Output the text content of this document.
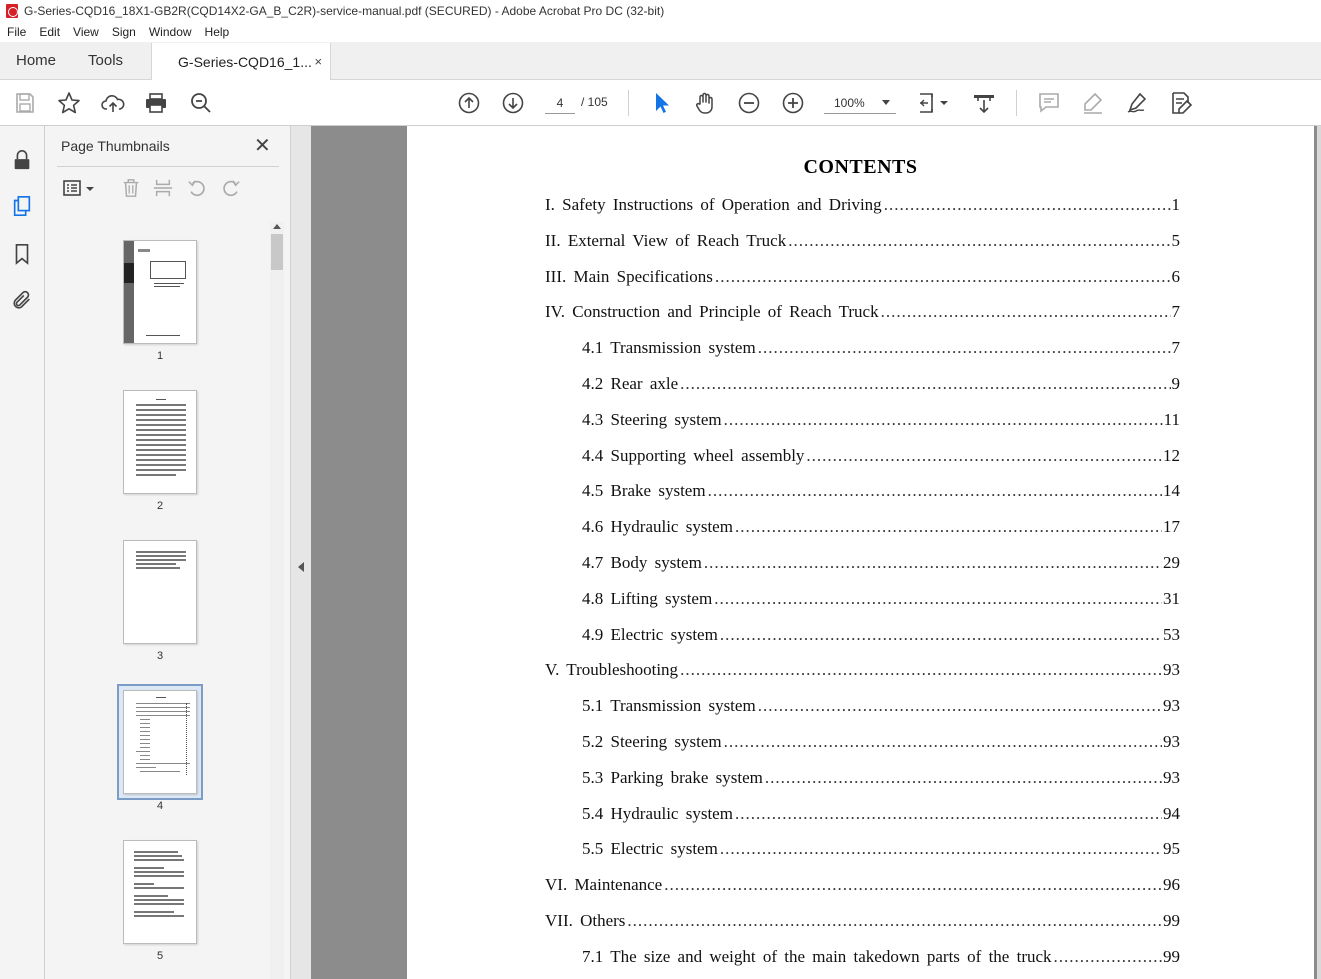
G-Series-CQD16_18X1-GB2R(CQD14X2-GA_B_C2R)-service-manual.pdf (SECURED) - Adobe Acrobat Pro DC (32-bit)
File	Edit	View	Sign	Window	Help
Home	Tools	G-Series-CQD16_1... ×
4
/ 105	100%
Page Thumbnails	✕
1
2
3
4
5
CONTENTS
I. Safety Instructions of Operation and Driving .....	1
II. External View of Reach Truck .....	5
III. Main Specifications .....	6
IV. Construction and Principle of Reach Truck .....	7
4.1 Transmission system .....	7
4.2 Rear axle .....	9
4.3 Steering system .....	11
4.4 Supporting wheel assembly .....	12
4.5 Brake system .....	14
4.6 Hydraulic system .....	17
4.7 Body system .....	29
4.8 Lifting system .....	31
4.9 Electric system .....	53
V. Troubleshooting .....	93
5.1 Transmission system .....	93
5.2 Steering system .....	93
5.3 Parking brake system .....	93
5.4 Hydraulic system .....	94
5.5 Electric system .....	95
VI. Maintenance .....	96
VII. Others .....	99
7.1 The size and weight of the main takedown parts of the truck .....	99
